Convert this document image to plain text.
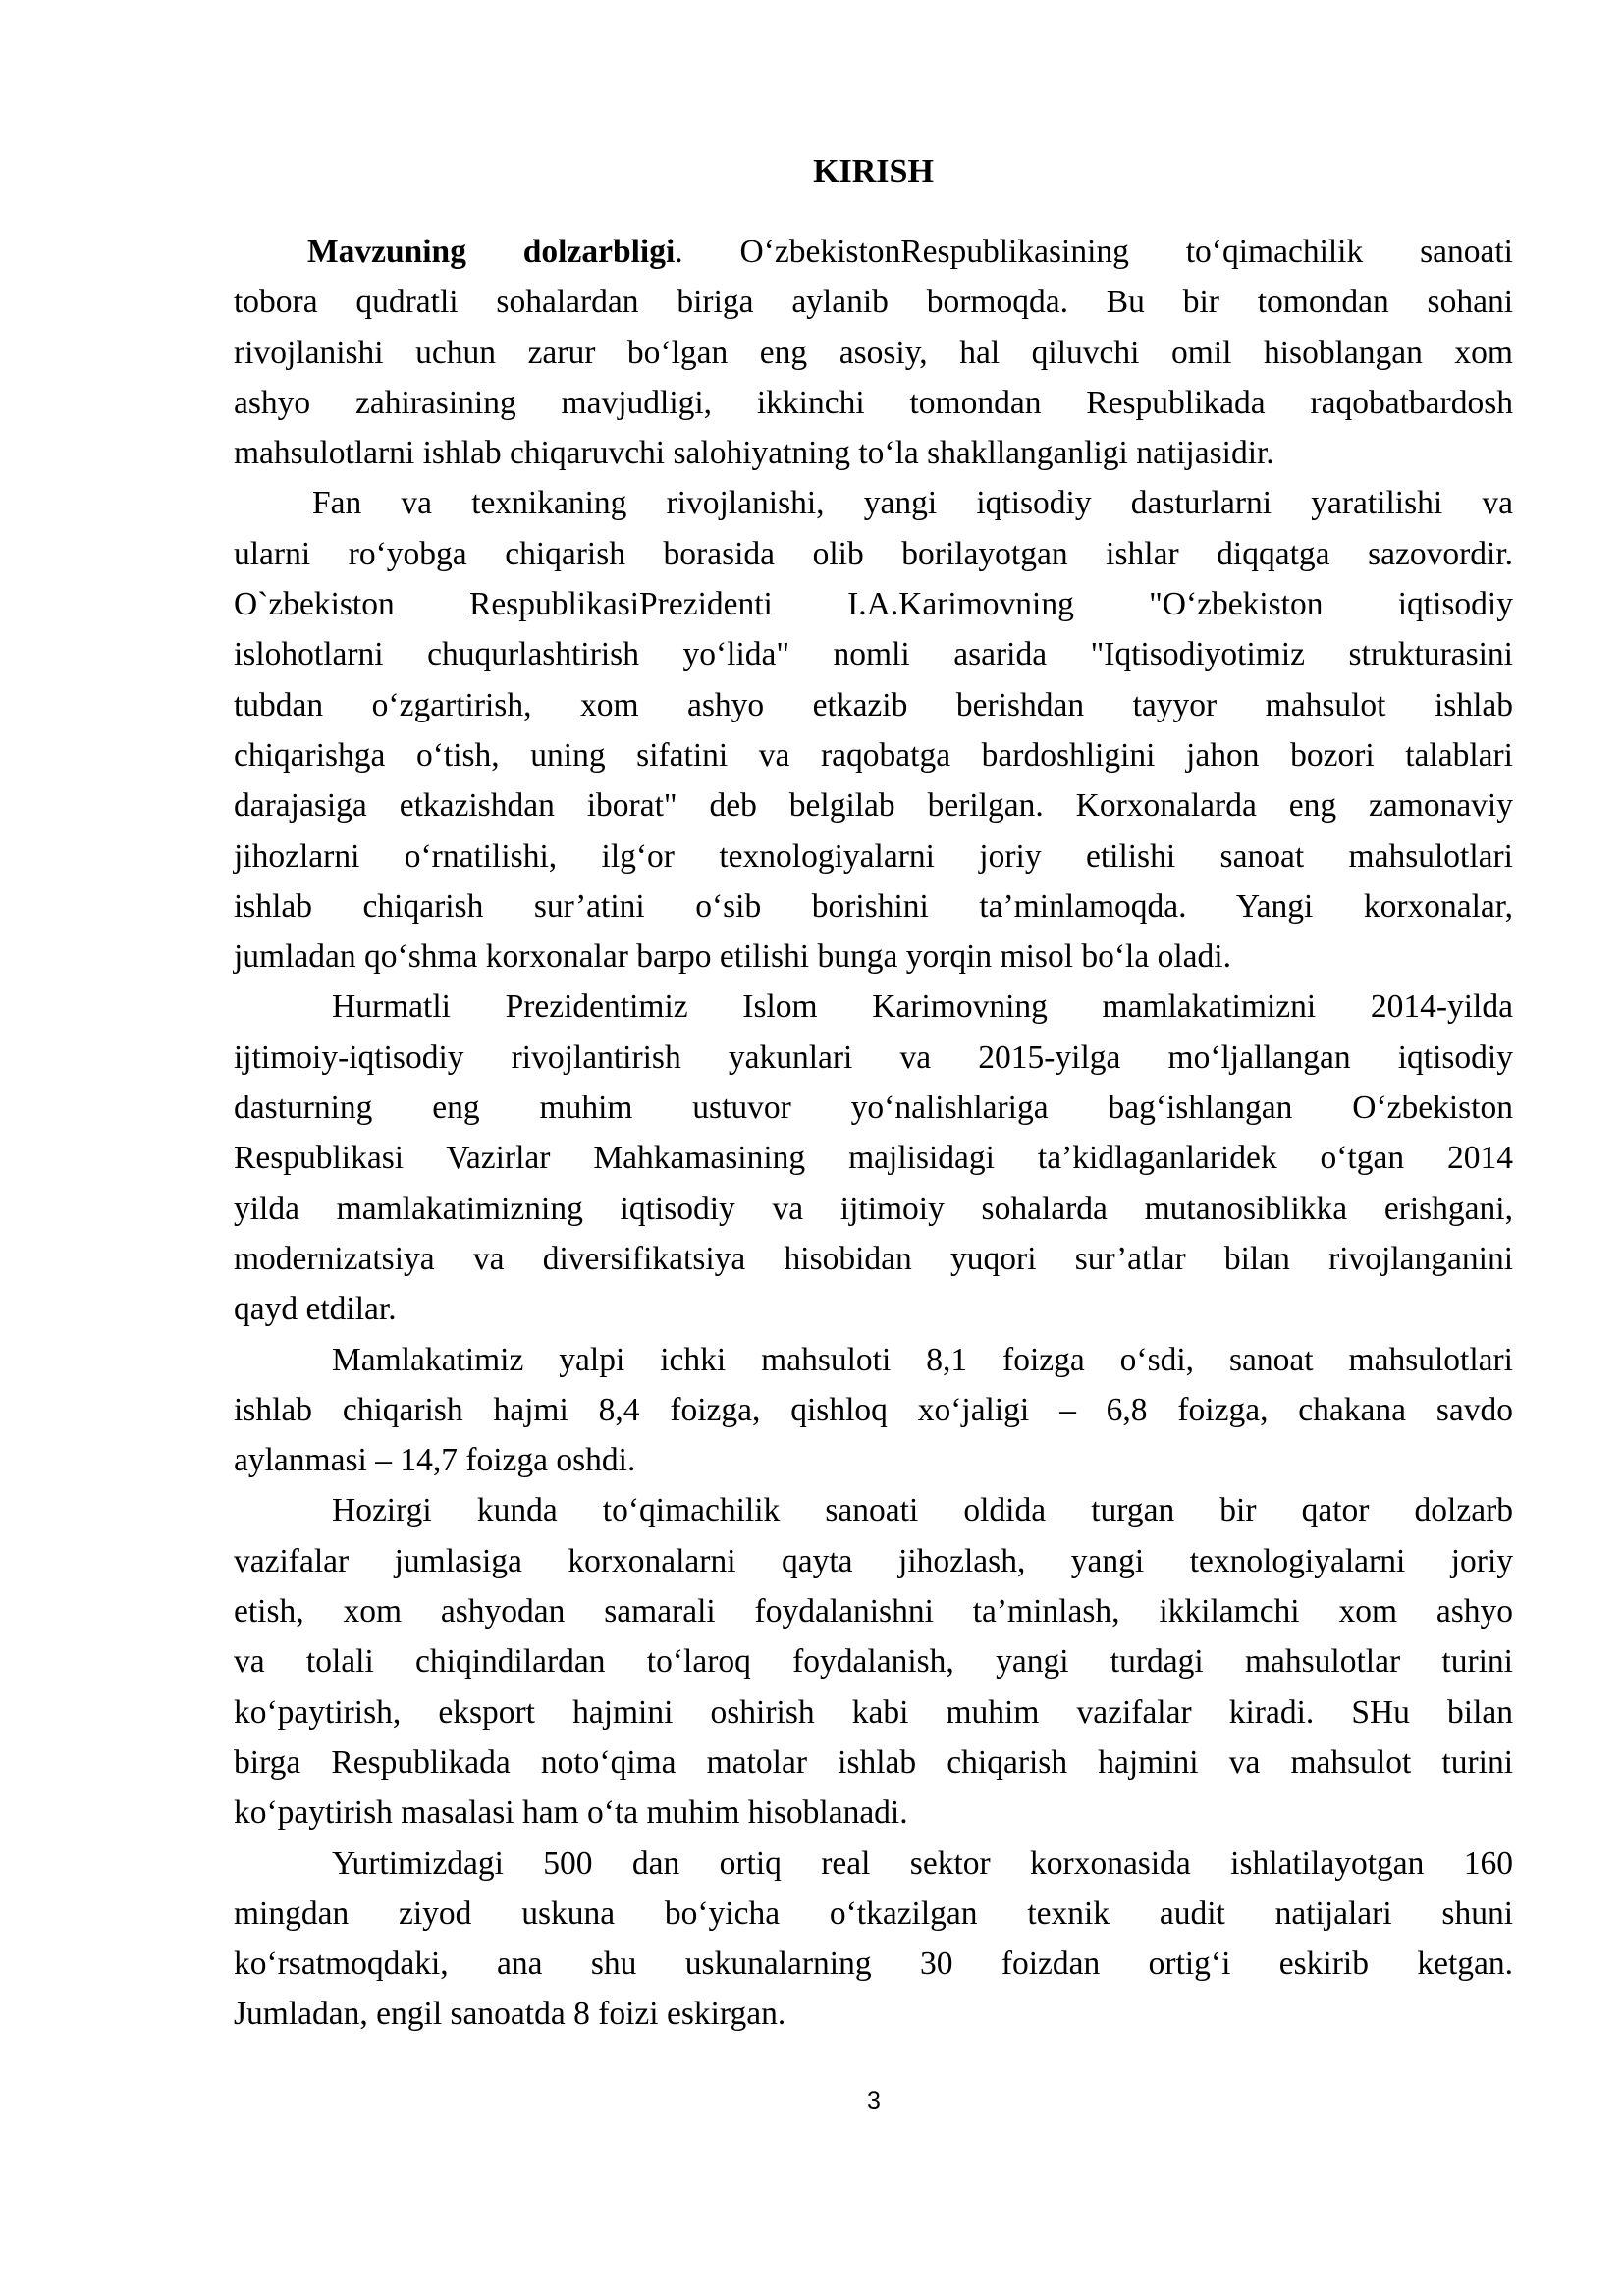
KIRISH
Mavzuning dolzarbligi. O‘zbekistonRespublikasining to‘qimachilik sanoati
tobora qudratli sohalardan biriga aylanib bormoqda. Bu bir tomondan sohani
rivojlanishi uchun zarur bo‘lgan eng asosiy, hal qiluvchi omil hisoblangan xom
ashyo zahirasining mavjudligi, ikkinchi tomondan Respublikada raqobatbardosh
mahsulotlarni ishlab chiqaruvchi salohiyatning to‘la shakllanganligi natijasidir.
Fan va texnikaning rivojlanishi, yangi iqtisodiy dasturlarni yaratilishi va
ularni ro‘yobga chiqarish borasida olib borilayotgan ishlar diqqatga sazovordir.
O`zbekiston RespublikasiPrezidenti I.A.Karimovning "O‘zbekiston iqtisodiy
islohotlarni chuqurlashtirish yo‘lida" nomli asarida "Iqtisodiyotimiz strukturasini
tubdan o‘zgartirish, xom ashyo etkazib berishdan tayyor mahsulot ishlab
chiqarishga o‘tish, uning sifatini va raqobatga bardoshligini jahon bozori talablari
darajasiga etkazishdan iborat" deb belgilab berilgan. Korxonalarda eng zamonaviy
jihozlarni o‘rnatilishi, ilg‘or texnologiyalarni joriy etilishi sanoat mahsulotlari
ishlab chiqarish sur’atini o‘sib borishini ta’minlamoqda. Yangi korxonalar,
jumladan qo‘shma korxonalar barpo etilishi bunga yorqin misol bo‘la oladi.
Hurmatli Prezidentimiz Islom Karimovning mamlakatimizni 2014-yilda
ijtimoiy-iqtisodiy rivojlantirish yakunlari va 2015-yilga mo‘ljallangan iqtisodiy
dasturning eng muhim ustuvor yo‘nalishlariga bag‘ishlangan O‘zbekiston
Respublikasi Vazirlar Mahkamasining majlisidagi ta’kidlaganlaridek o‘tgan 2014
yilda mamlakatimizning iqtisodiy va ijtimoiy sohalarda mutanosiblikka erishgani,
modernizatsiya va diversifikatsiya hisobidan yuqori sur’atlar bilan rivojlanganini
qayd etdilar.
Mamlakatimiz yalpi ichki mahsuloti 8,1 foizga o‘sdi, sanoat mahsulotlari
ishlab chiqarish hajmi 8,4 foizga, qishloq xo‘jaligi – 6,8 foizga, chakana savdo
aylanmasi – 14,7 foizga oshdi.
Hozirgi kunda to‘qimachilik sanoati oldida turgan bir qator dolzarb
vazifalar jumlasiga korxonalarni qayta jihozlash, yangi texnologiyalarni joriy
etish, xom ashyodan samarali foydalanishni ta’minlash, ikkilamchi xom ashyo
va tolali chiqindilardan to‘laroq foydalanish, yangi turdagi mahsulotlar turini
ko‘paytirish, eksport hajmini oshirish kabi muhim vazifalar kiradi. SHu bilan
birga Respublikada noto‘qima matolar ishlab chiqarish hajmini va mahsulot turini
ko‘paytirish masalasi ham o‘ta muhim hisoblanadi.
Yurtimizdagi 500 dan ortiq real sektor korxonasida ishlatilayotgan 160
mingdan ziyod uskuna bo‘yicha o‘tkazilgan texnik audit natijalari shuni
ko‘rsatmoqdaki, ana shu uskunalarning 30 foizdan ortig‘i eskirib ketgan.
Jumladan, engil sanoatda 8 foizi eskirgan.
3
